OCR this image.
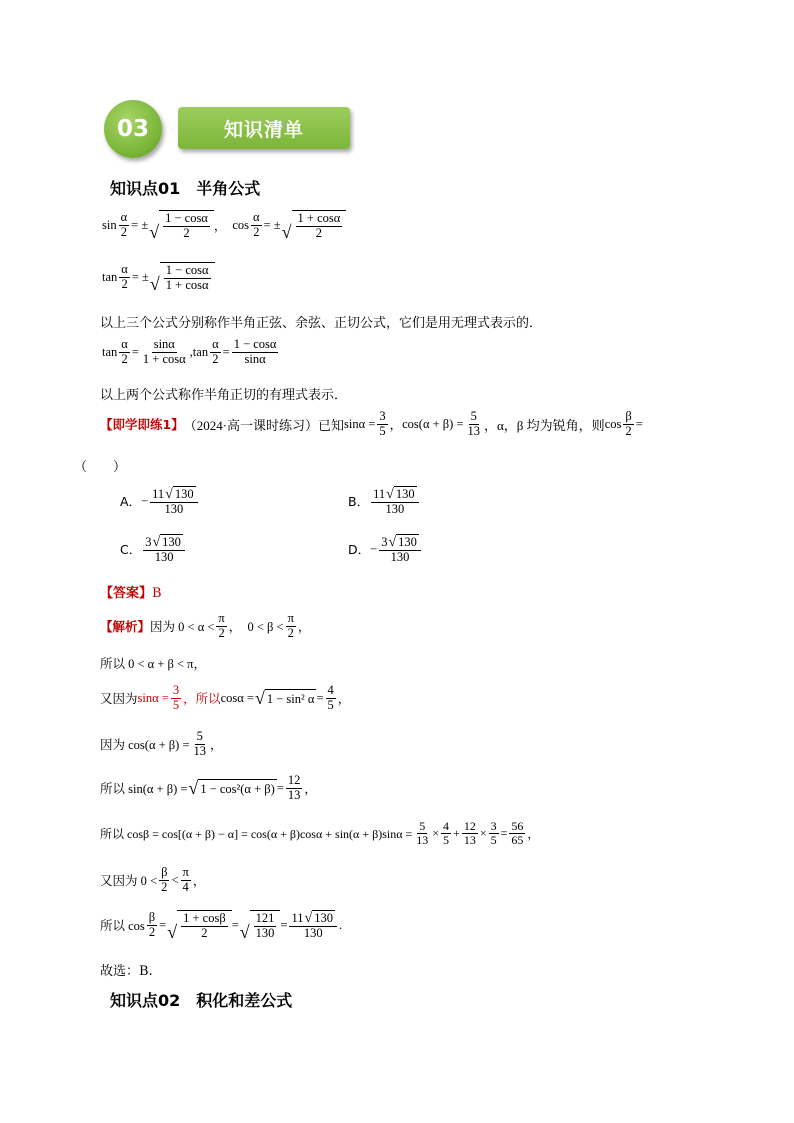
03	知识清单
知识点01　半角公式
$\sin \frac{\alpha}{2}$ = ± √ $\frac{1 - \cos\alpha}{2}$ ， $\cos \frac{\alpha}{2}$ = ± √ $\frac{1 + \cos\alpha}{2}$
$\tan \frac{\alpha}{2}$ = ± √ $\frac{1 - \cos\alpha}{1 + \cos\alpha}$
以上三个公式分别称作半角正弦、余弦、正切公式，它们是用无理式表示的．
$\tan \frac{\alpha}{2} = \frac{\sin\alpha}{1 + \cos\alpha}$ , $\tan \frac{\alpha}{2} = \frac{1 - \cos\alpha}{\sin\alpha}$
以上两个公式称作半角正切的有理式表示．
【即学即练1】 （2024·高一课时练习）已知 $\sin\alpha = \frac{3}{5}$ ， $\cos(\alpha + \beta) = \frac{5}{13}$ ，α，β 均为锐角，则 $\cos \frac{\beta}{2}$ =
（　　）
A． − $\frac{11 √ 130}{130}$	B． $\frac{11 √ 130}{130}$
C． $\frac{3 √ 130}{130}$	D． − $\frac{3 √ 130}{130}$
【答案】B
【解析】 因为 $0 < \alpha < \frac{\pi}{2}$ ，　$0 < \beta < \frac{\pi}{2}$ ，
所以 0 < α + β < π，
又因为 $\sin\alpha = \frac{3}{5}$ ，所以 cosα = √ 1 − sin² $\alpha = \frac{4}{5}$ ，
因为 $\cos(\alpha + \beta) = \frac{5}{13}$ ，
所以 sin(α + β) = √ $1 - \cos^2(\alpha + \beta) = \frac{12}{13}$ ，
所以 $\cos\beta = \cos[(\alpha + \beta) - \alpha] = \cos(\alpha + \beta)\cos\alpha + \sin(\alpha + \beta)\sin\alpha = \frac{5}{13} \times \frac{4}{5} + \frac{12}{13} \times \frac{3}{5} = \frac{56}{65}$ ，
又因为 $0 < \frac{\beta}{2} < \frac{\pi}{4}$ ，
所以 $\cos \frac{\beta}{2}$ = √ $\frac{1 + \cos\beta}{2}$ = √ $\frac{121}{130} = \frac{11 √ 130}{130}$ .
故选：B.
知识点02　积化和差公式
